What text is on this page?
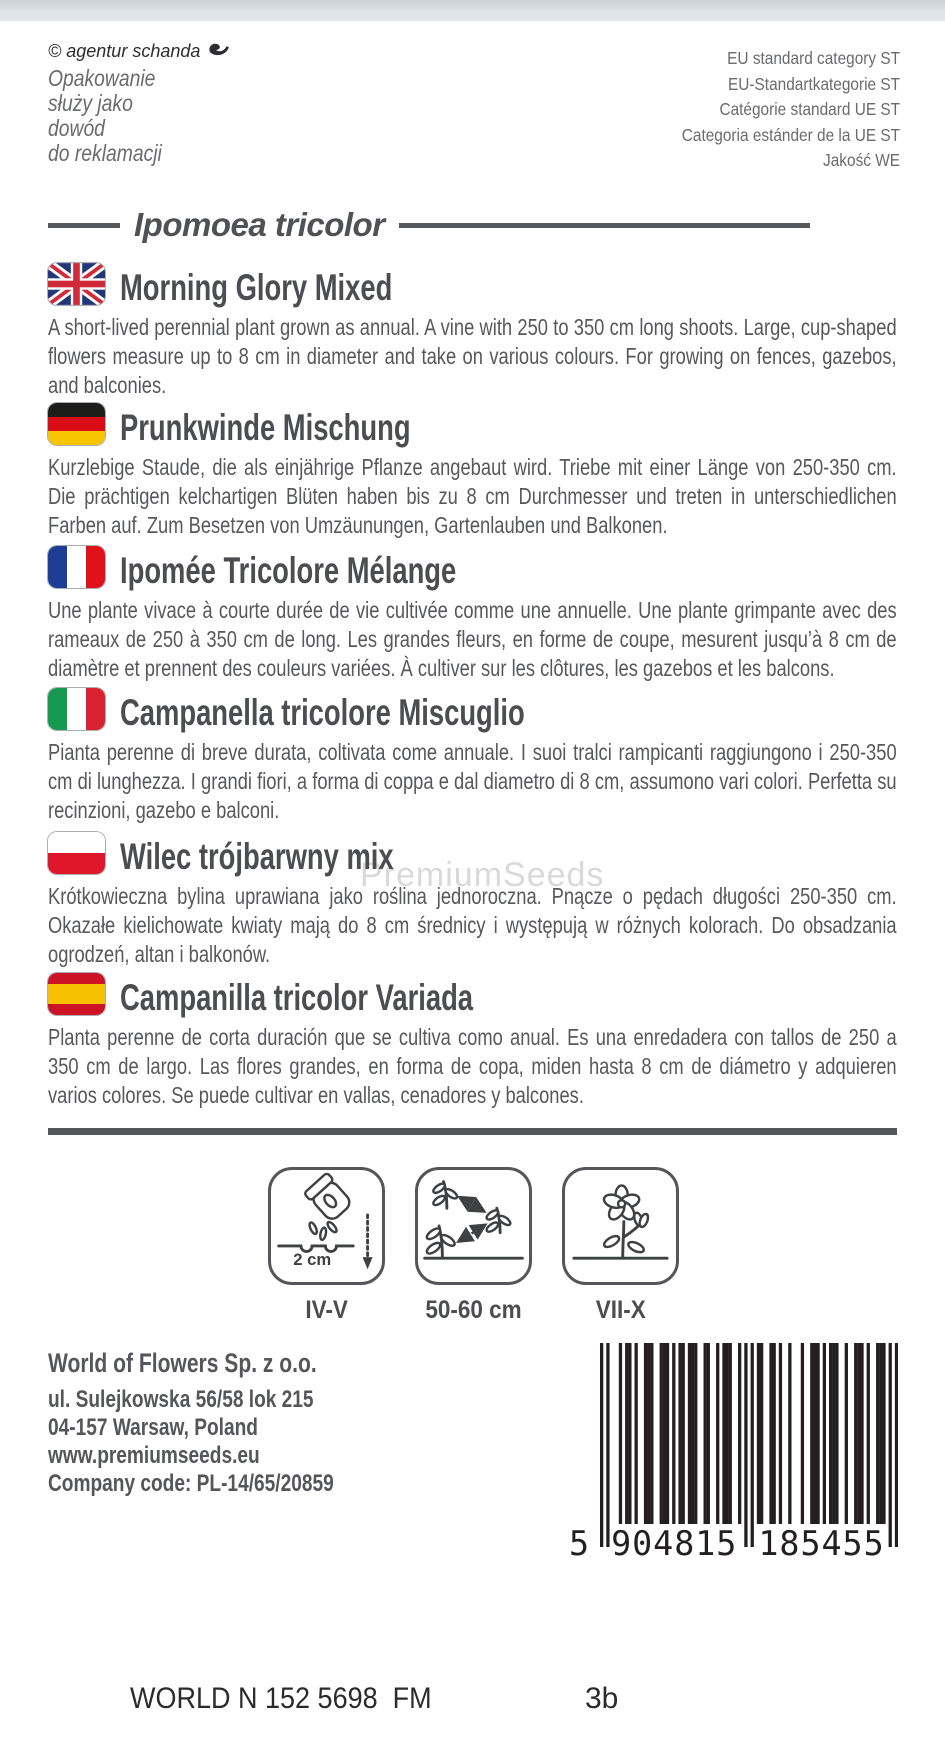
© agentur schanda
Opakowanie
służy jako
dowód
do reklamacji
EU standard category ST
EU-Standartkategorie ST
Catégorie standard UE ST
Categoria estánder de la UE ST
Jakość WE
Ipomoea tricolor
PremiumSeeds
Morning Glory Mixed

A short-lived perennial plant grown as annual. A vine with 250 to 350 cm long shoots. Large, cup-shaped flowers measure up to 8 cm in diameter and take on various colours. For growing on fences, gazebos, and balconies.

Prunkwinde Mischung

Kurzlebige Staude, die als einjährige Pflanze angebaut wird. Triebe mit einer Länge von 250-350 cm. Die prächtigen kelchartigen Blüten haben bis zu 8 cm Durchmesser und treten in unterschiedlichen Farben auf. Zum Besetzen von Umzäunungen, Gartenlauben und Balkonen.

Ipomée Tricolore Mélange

Une plante vivace à courte durée de vie cultivée comme une annuelle. Une plante grimpante avec des rameaux de 250 à 350 cm de long. Les grandes fleurs, en forme de coupe, mesurent jusqu’à 8 cm de diamètre et prennent des couleurs variées. À cultiver sur les clôtures, les gazebos et les balcons.

Campanella tricolore Miscuglio

Pianta perenne di breve durata, coltivata come annuale. I suoi tralci rampicanti raggiungono i 250-350 cm di lunghezza. I grandi fiori, a forma di coppa e dal diametro di 8 cm, assumono vari colori. Perfetta su recinzioni, gazebo e balconi.

Wilec trójbarwny mix

Krótkowieczna bylina uprawiana jako roślina jednoroczna. Pnącze o pędach długości 250-350 cm. Okazałe kielichowate kwiaty mają do 8 cm średnicy i występują w różnych kolorach. Do obsadzania ogrodzeń, altan i balkonów.

Campanilla tricolor Variada

Planta perenne de corta duración que se cultiva como anual. Es una enredadera con tallos de 250 a 350 cm de largo. Las flores grandes, en forma de copa, miden hasta 8 cm de diámetro y adquieren varios colores. Se puede cultivar en vallas, cenadores y balcones.

2 cm
IV-V	50-60 cm	VII-X
World of Flowers Sp. z o.o.
ul. Sulejkowska 56/58 lok 215
04-157 Warsaw, Poland
www.premiumseeds.eu
Company code: PL-14/65/20859
5 904815 185455
WORLD N 152 5698  FM	3b
